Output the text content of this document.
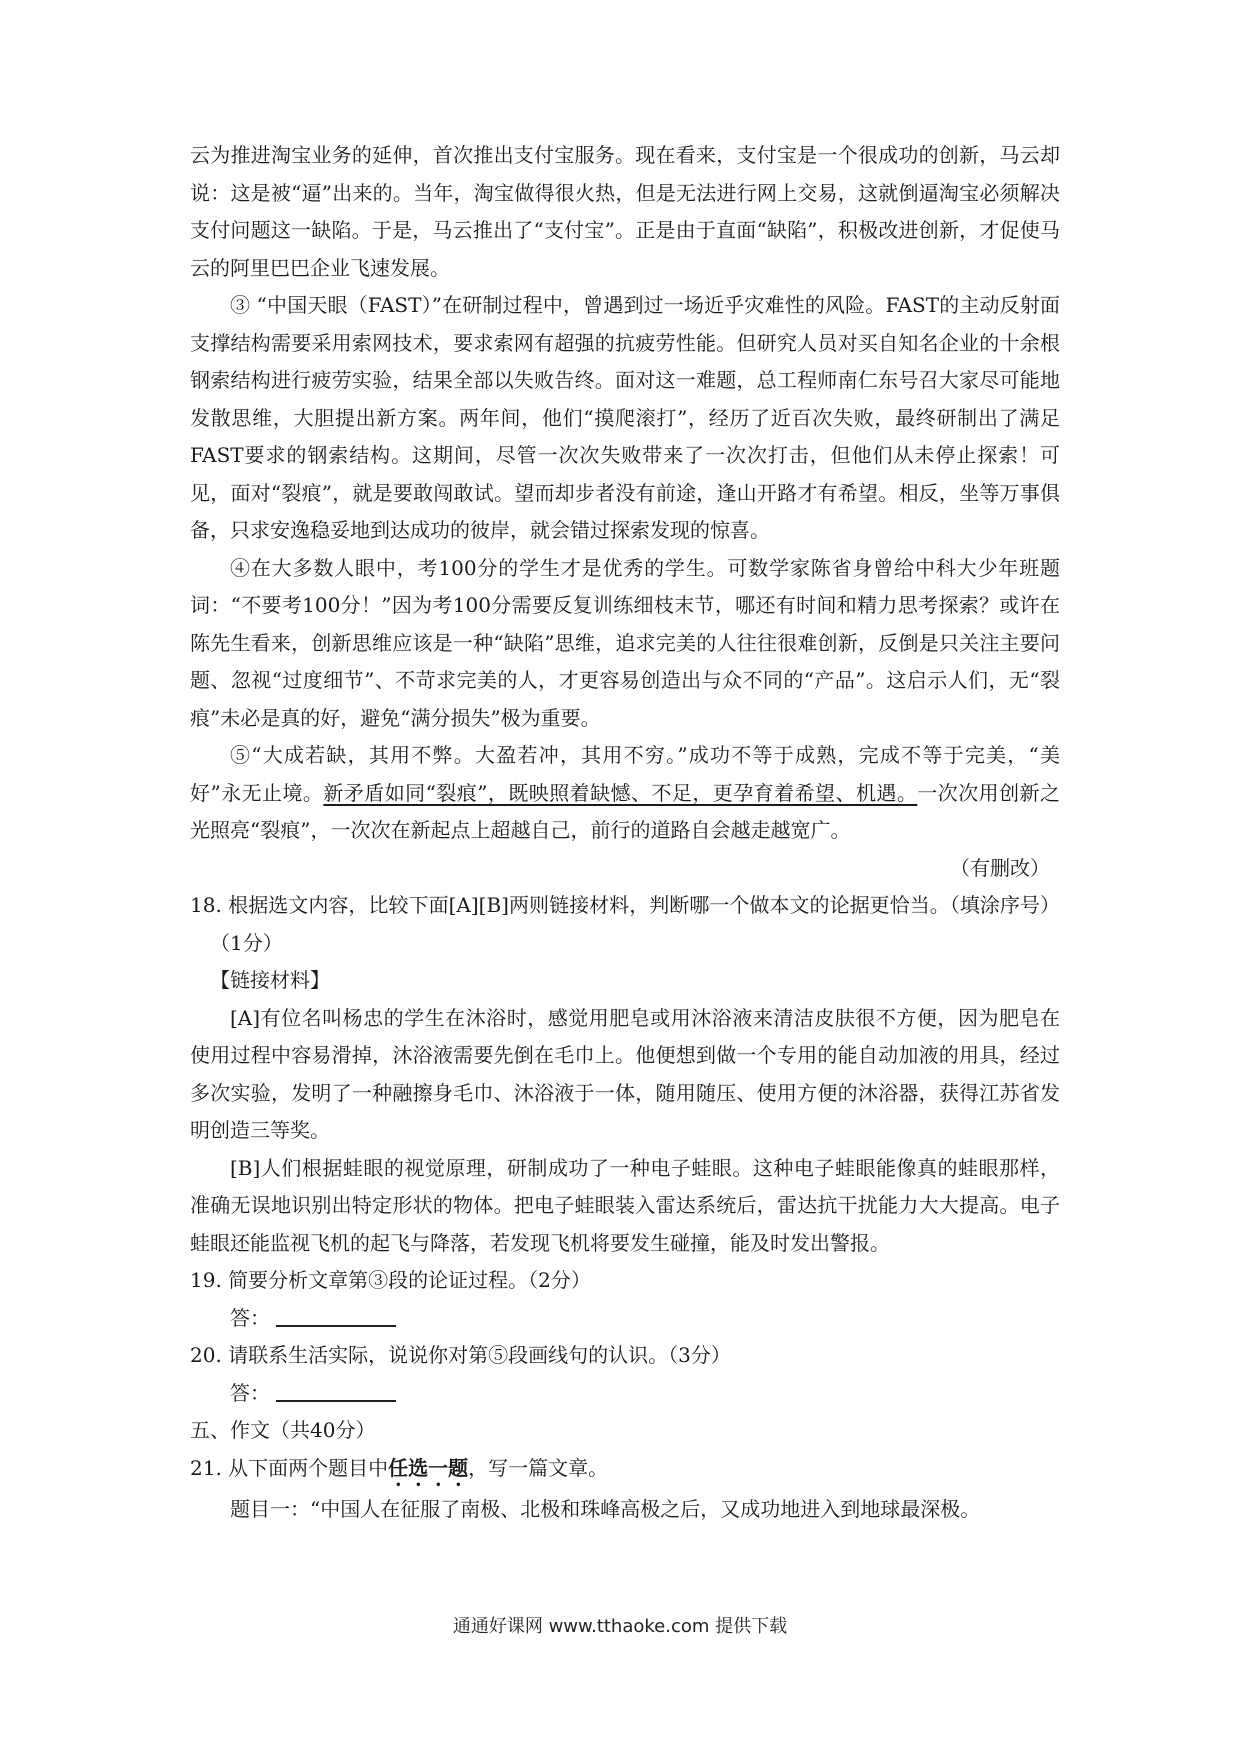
云为推进淘宝业务的延伸，首次推出支付宝服务。现在看来，支付宝是一个很成功的创新，马云却说：这是被“逼”出来的。当年，淘宝做得很火热，但是无法进行网上交易，这就倒逼淘宝必须解决支付问题这一缺陷。于是，马云推出了“支付宝”。正是由于直面“缺陷”，积极改进创新，才促使马云的阿里巴巴企业飞速发展。

③ “中国天眼（FAST）”在研制过程中，曾遇到过一场近乎灾难性的风险。FAST的主动反射面支撑结构需要采用索网技术，要求索网有超强的抗疲劳性能。但研究人员对买自知名企业的十余根钢索结构进行疲劳实验，结果全部以失败告终。面对这一难题，总工程师南仁东号召大家尽可能地发散思维，大胆提出新方案。两年间，他们“摸爬滚打”，经历了近百次失败，最终研制出了满足FAST要求的钢索结构。这期间，尽管一次次失败带来了一次次打击，但他们从未停止探索！可见，面对“裂痕”，就是要敢闯敢试。望而却步者没有前途，逢山开路才有希望。相反，坐等万事俱备，只求安逸稳妥地到达成功的彼岸，就会错过探索发现的惊喜。

④在大多数人眼中，考100分的学生才是优秀的学生。可数学家陈省身曾给中科大少年班题词：“不要考100分！”因为考100分需要反复训练细枝末节，哪还有时间和精力思考探索？或许在陈先生看来，创新思维应该是一种“缺陷”思维，追求完美的人往往很难创新，反倒是只关注主要问题、忽视“过度细节”、不苛求完美的人，才更容易创造出与众不同的“产品”。这启示人们，无“裂痕”未必是真的好，避免“满分损失”极为重要。

⑤“大成若缺，其用不弊。大盈若冲，其用不穷。”成功不等于成熟，完成不等于完美，“美好”永无止境。新矛盾如同“裂痕”，既映照着缺憾、不足，更孕育着希望、机遇。一次次用创新之光照亮“裂痕”，一次次在新起点上超越自己，前行的道路自会越走越宽广。

（有删改）

18. 根据选文内容，比较下面[A][B]两则链接材料，判断哪一个做本文的论据更恰当。（填涂序号）（1分）

【链接材料】

[A]有位名叫杨忠的学生在沐浴时，感觉用肥皂或用沐浴液来清洁皮肤很不方便，因为肥皂在使用过程中容易滑掉，沐浴液需要先倒在毛巾上。他便想到做一个专用的能自动加液的用具，经过多次实验，发明了一种融擦身毛巾、沐浴液于一体，随用随压、使用方便的沐浴器，获得江苏省发明创造三等奖。

[B]人们根据蛙眼的视觉原理，研制成功了一种电子蛙眼。这种电子蛙眼能像真的蛙眼那样，准确无误地识别出特定形状的物体。把电子蛙眼装入雷达系统后，雷达抗干扰能力大大提高。电子蛙眼还能监视飞机的起飞与降落，若发现飞机将要发生碰撞，能及时发出警报。

19. 简要分析文章第③段的论证过程。（2分）

答：

20. 请联系生活实际，说说你对第⑤段画线句的认识。（3分）

答：

五、作文（共40分）

21. 从下面两个题目中任选一题，写一篇文章。

题目一：“中国人在征服了南极、北极和珠峰高极之后，又成功地进入到地球最深极。

通通好课网 www.tthaoke.com 提供下载
